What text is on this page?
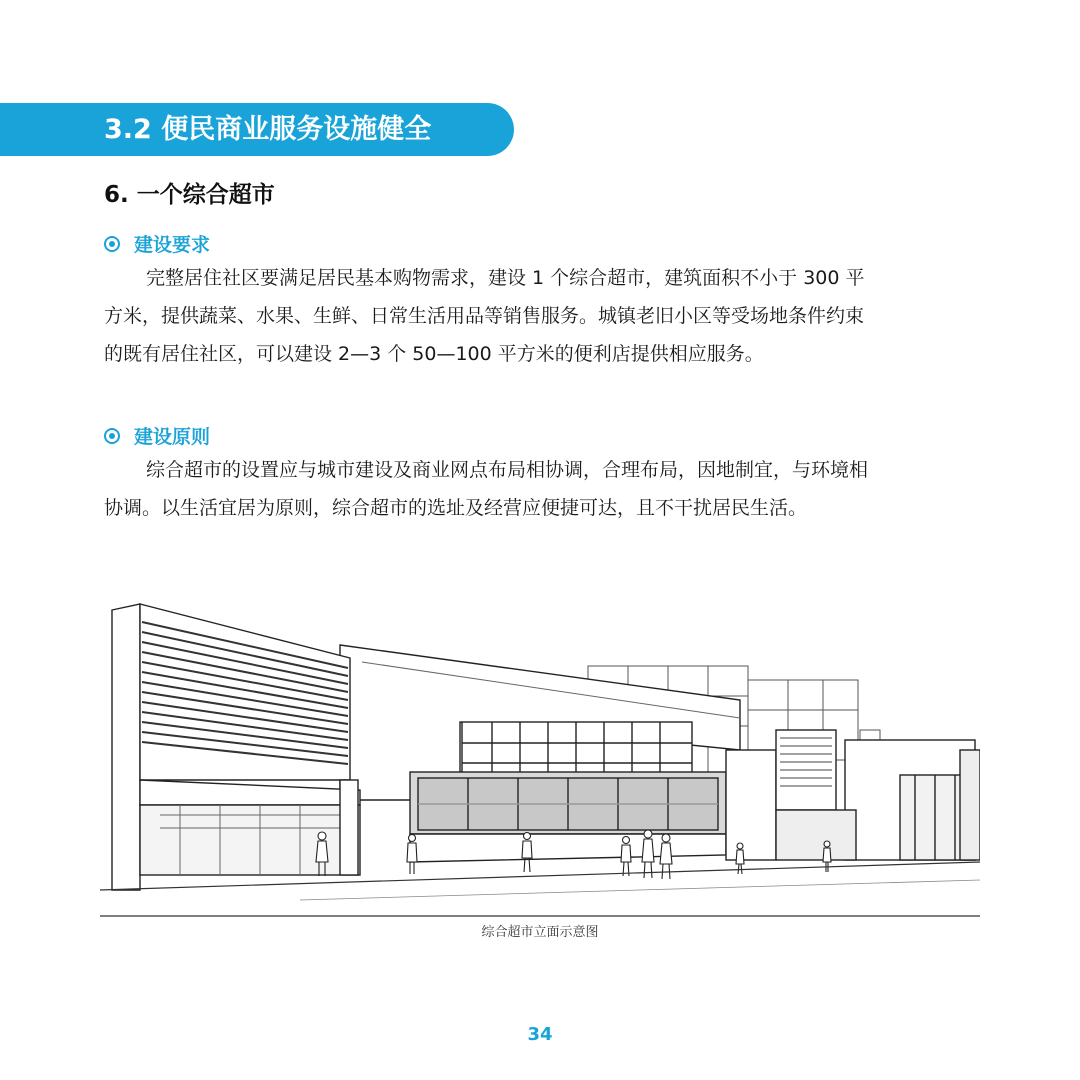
3.2 便民商业服务设施健全
6. 一个综合超市
建设要求

完整居住社区要满足居民基本购物需求，建设 1 个综合超市，建筑面积不小于 300 平
方米，提供蔬菜、水果、生鲜、日常生活用品等销售服务。城镇老旧小区等受场地条件约束
的既有居住社区，可以建设 2—3 个 50—100 平方米的便利店提供相应服务。

建设原则

综合超市的设置应与城市建设及商业网点布局相协调，合理布局，因地制宜，与环境相
协调。以生活宜居为原则，综合超市的选址及经营应便捷可达，且不干扰居民生活。

综合超市立面示意图
34
